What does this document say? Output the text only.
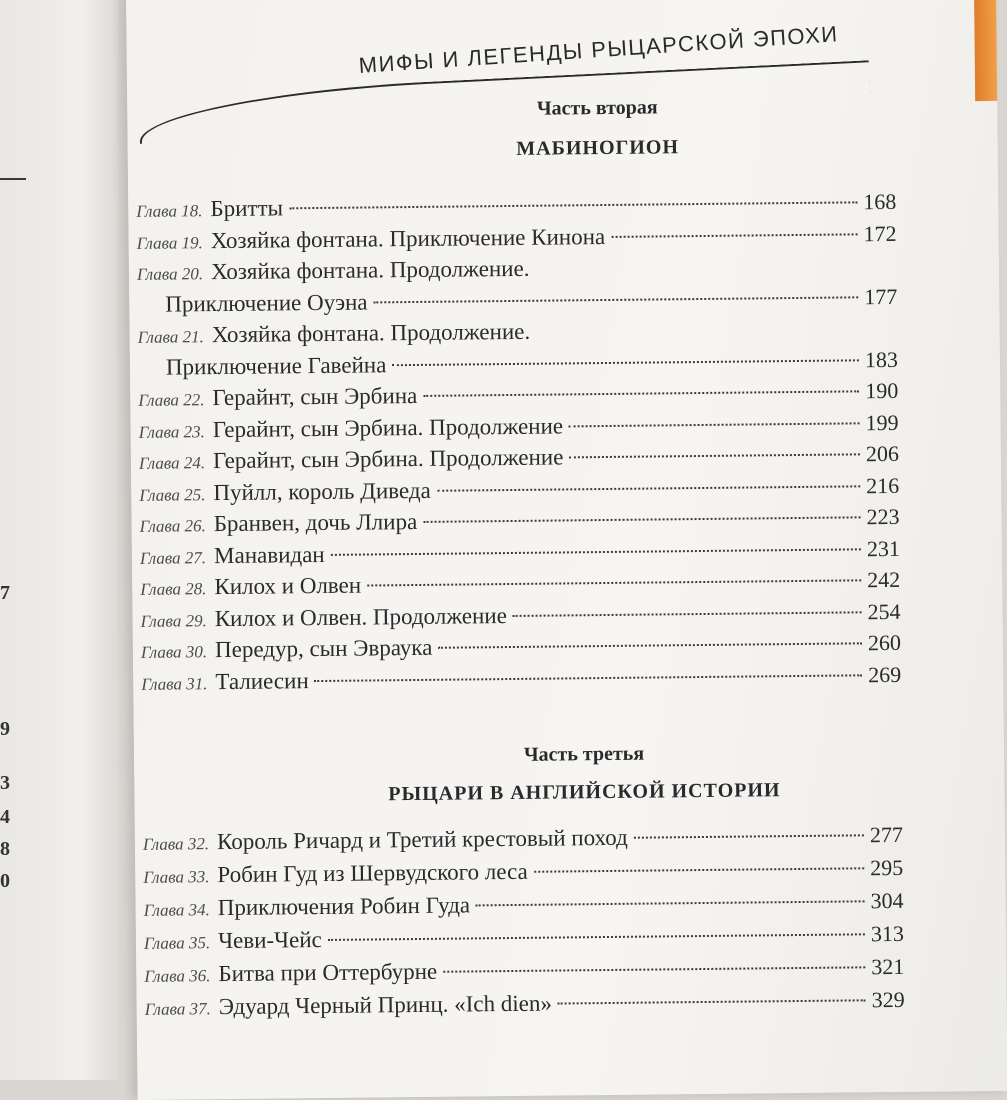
7
9
3
4
8
0
МИФЫ И ЛЕГЕНДЫ РЫЦАРСКОЙ ЭПОХИ
Часть вторая
МАБИНОГИОН
Глава 18. Бритты	168
Глава 19. Хозяйка фонтана. Приключение Кинона	172
Глава 20. Хозяйка фонтана. Продолжение.
Приключение Оуэна	177
Глава 21. Хозяйка фонтана. Продолжение.
Приключение Гавейна	183
Глава 22. Герайнт, сын Эрбина	190
Глава 23. Герайнт, сын Эрбина. Продолжение	199
Глава 24. Герайнт, сын Эрбина. Продолжение	206
Глава 25. Пуйлл, король Диведа	216
Глава 26. Бранвен, дочь Ллира	223
Глава 27. Манавидан	231
Глава 28. Килох и Олвен	242
Глава 29. Килох и Олвен. Продолжение	254
Глава 30. Передур, сын Эвраука	260
Глава 31. Талиесин	269
Часть третья
РЫЦАРИ В АНГЛИЙСКОЙ ИСТОРИИ
Глава 32. Король Ричард и Третий крестовый поход	277
Глава 33. Робин Гуд из Шервудского леса	295
Глава 34. Приключения Робин Гуда	304
Глава 35. Чеви-Чейс	313
Глава 36. Битва при Оттербурне	321
Глава 37. Эдуард Черный Принц. «Ich dien»	329
